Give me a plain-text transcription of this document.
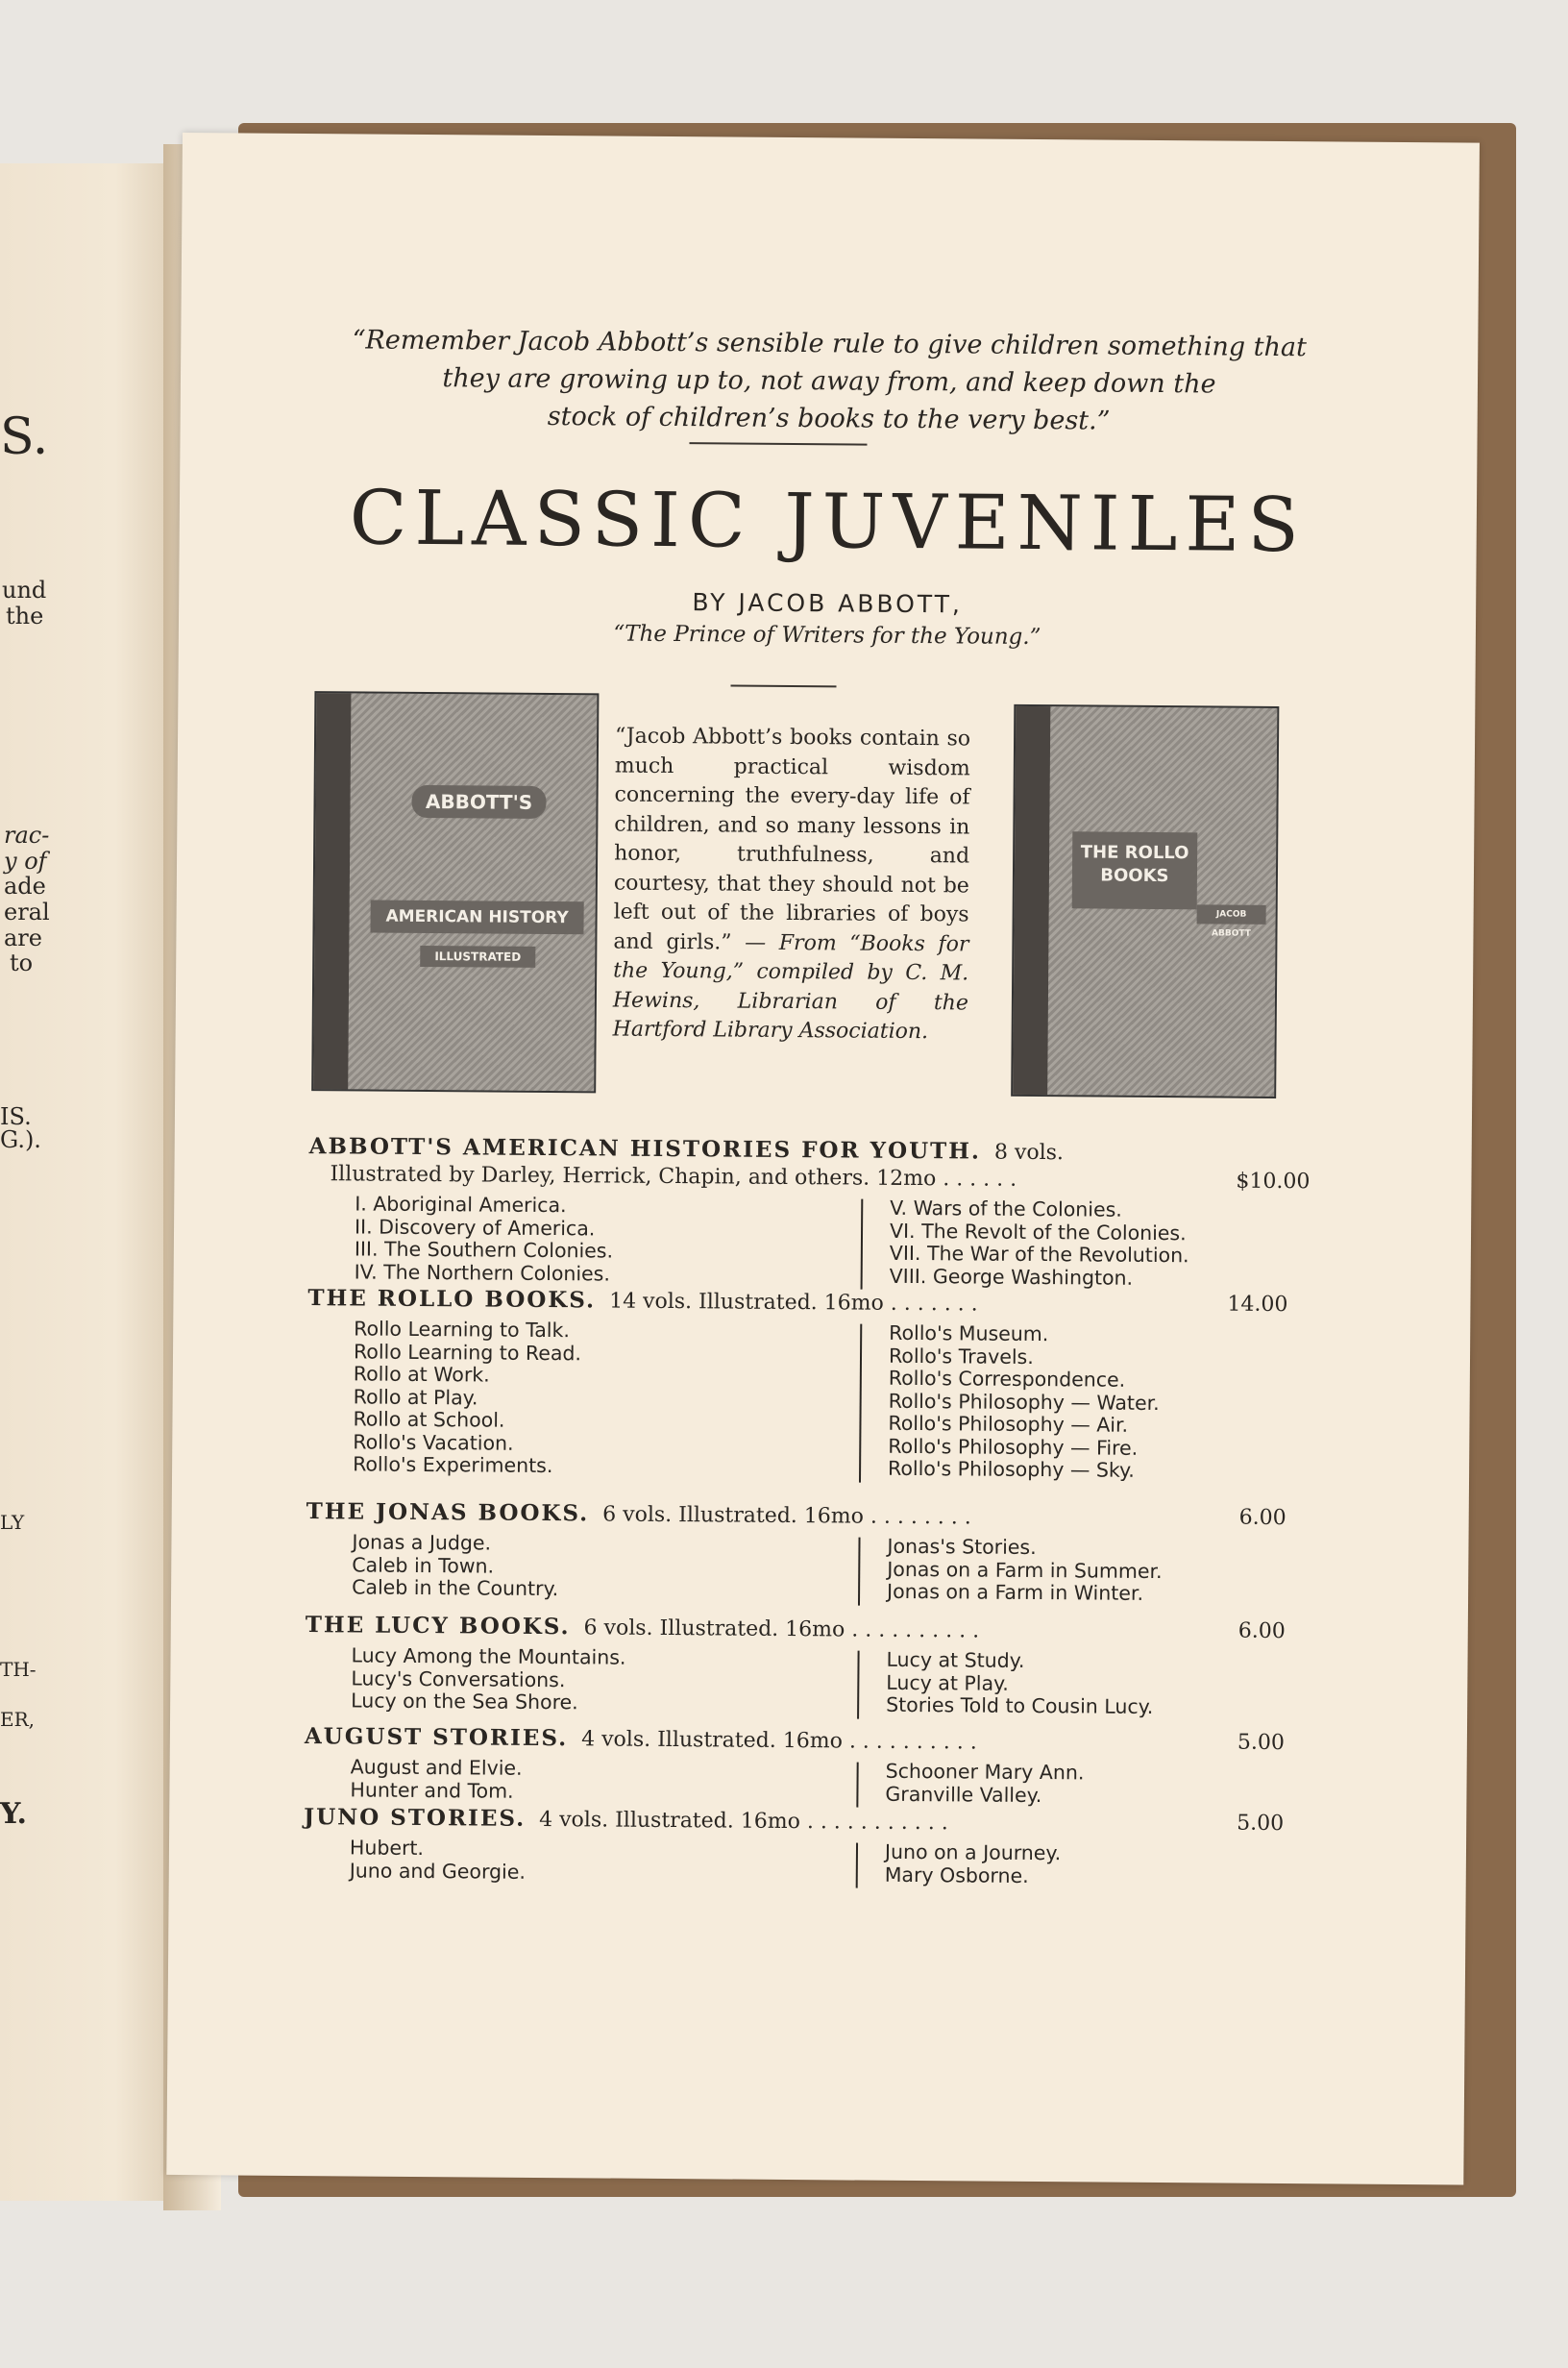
S.
und
the
rac-
y of
ade
eral
are
to
IS.
G.).
LY
TH-
ER,
Y.
“Remember Jacob Abbott’s sensible rule to give children something that
they are growing up to, not away from, and keep down the
stock of children’s books to the very best.”
CLASSIC JUVENILES
BY JACOB ABBOTT,
“The Prince of Writers for the Young.”
ABBOTT'S
AMERICAN HISTORY
ILLUSTRATED
THE ROLLO BOOKS
JACOB ABBOTT
“Jacob Abbott’s books contain so much practical wisdom concerning the every-day life of children, and so many lessons in honor, truthfulness, and courtesy, that they should not be left out of the libraries of boys and girls.” — From “Books for the Young,” compiled by C. M. Hewins, Librarian of the Hartford Library Association.
ABBOTT'S AMERICAN HISTORIES FOR YOUTH. 8 vols.
Illustrated by Darley, Herrick, Chapin, and others. 12mo . . . . . .	$10.00
I. Aboriginal America.
II. Discovery of America.
III. The Southern Colonies.
IV. The Northern Colonies.
V. Wars of the Colonies.
VI. The Revolt of the Colonies.
VII. The War of the Revolution.
VIII. George Washington.
THE ROLLO BOOKS. 14 vols. Illustrated. 16mo . . . . . . .	14.00
Rollo Learning to Talk.
Rollo Learning to Read.
Rollo at Work.
Rollo at Play.
Rollo at School.
Rollo's Vacation.
Rollo's Experiments.
Rollo's Museum.
Rollo's Travels.
Rollo's Correspondence.
Rollo's Philosophy — Water.
Rollo's Philosophy — Air.
Rollo's Philosophy — Fire.
Rollo's Philosophy — Sky.
THE JONAS BOOKS. 6 vols. Illustrated. 16mo . . . . . . . .	6.00
Jonas a Judge.
Caleb in Town.
Caleb in the Country.
Jonas's Stories.
Jonas on a Farm in Summer.
Jonas on a Farm in Winter.
THE LUCY BOOKS. 6 vols. Illustrated. 16mo . . . . . . . . . .	6.00
Lucy Among the Mountains.
Lucy's Conversations.
Lucy on the Sea Shore.
Lucy at Study.
Lucy at Play.
Stories Told to Cousin Lucy.
AUGUST STORIES. 4 vols. Illustrated. 16mo . . . . . . . . . .	5.00
August and Elvie.
Hunter and Tom.
Schooner Mary Ann.
Granville Valley.
JUNO STORIES. 4 vols. Illustrated. 16mo . . . . . . . . . . .	5.00
Hubert.
Juno and Georgie.
Juno on a Journey.
Mary Osborne.
